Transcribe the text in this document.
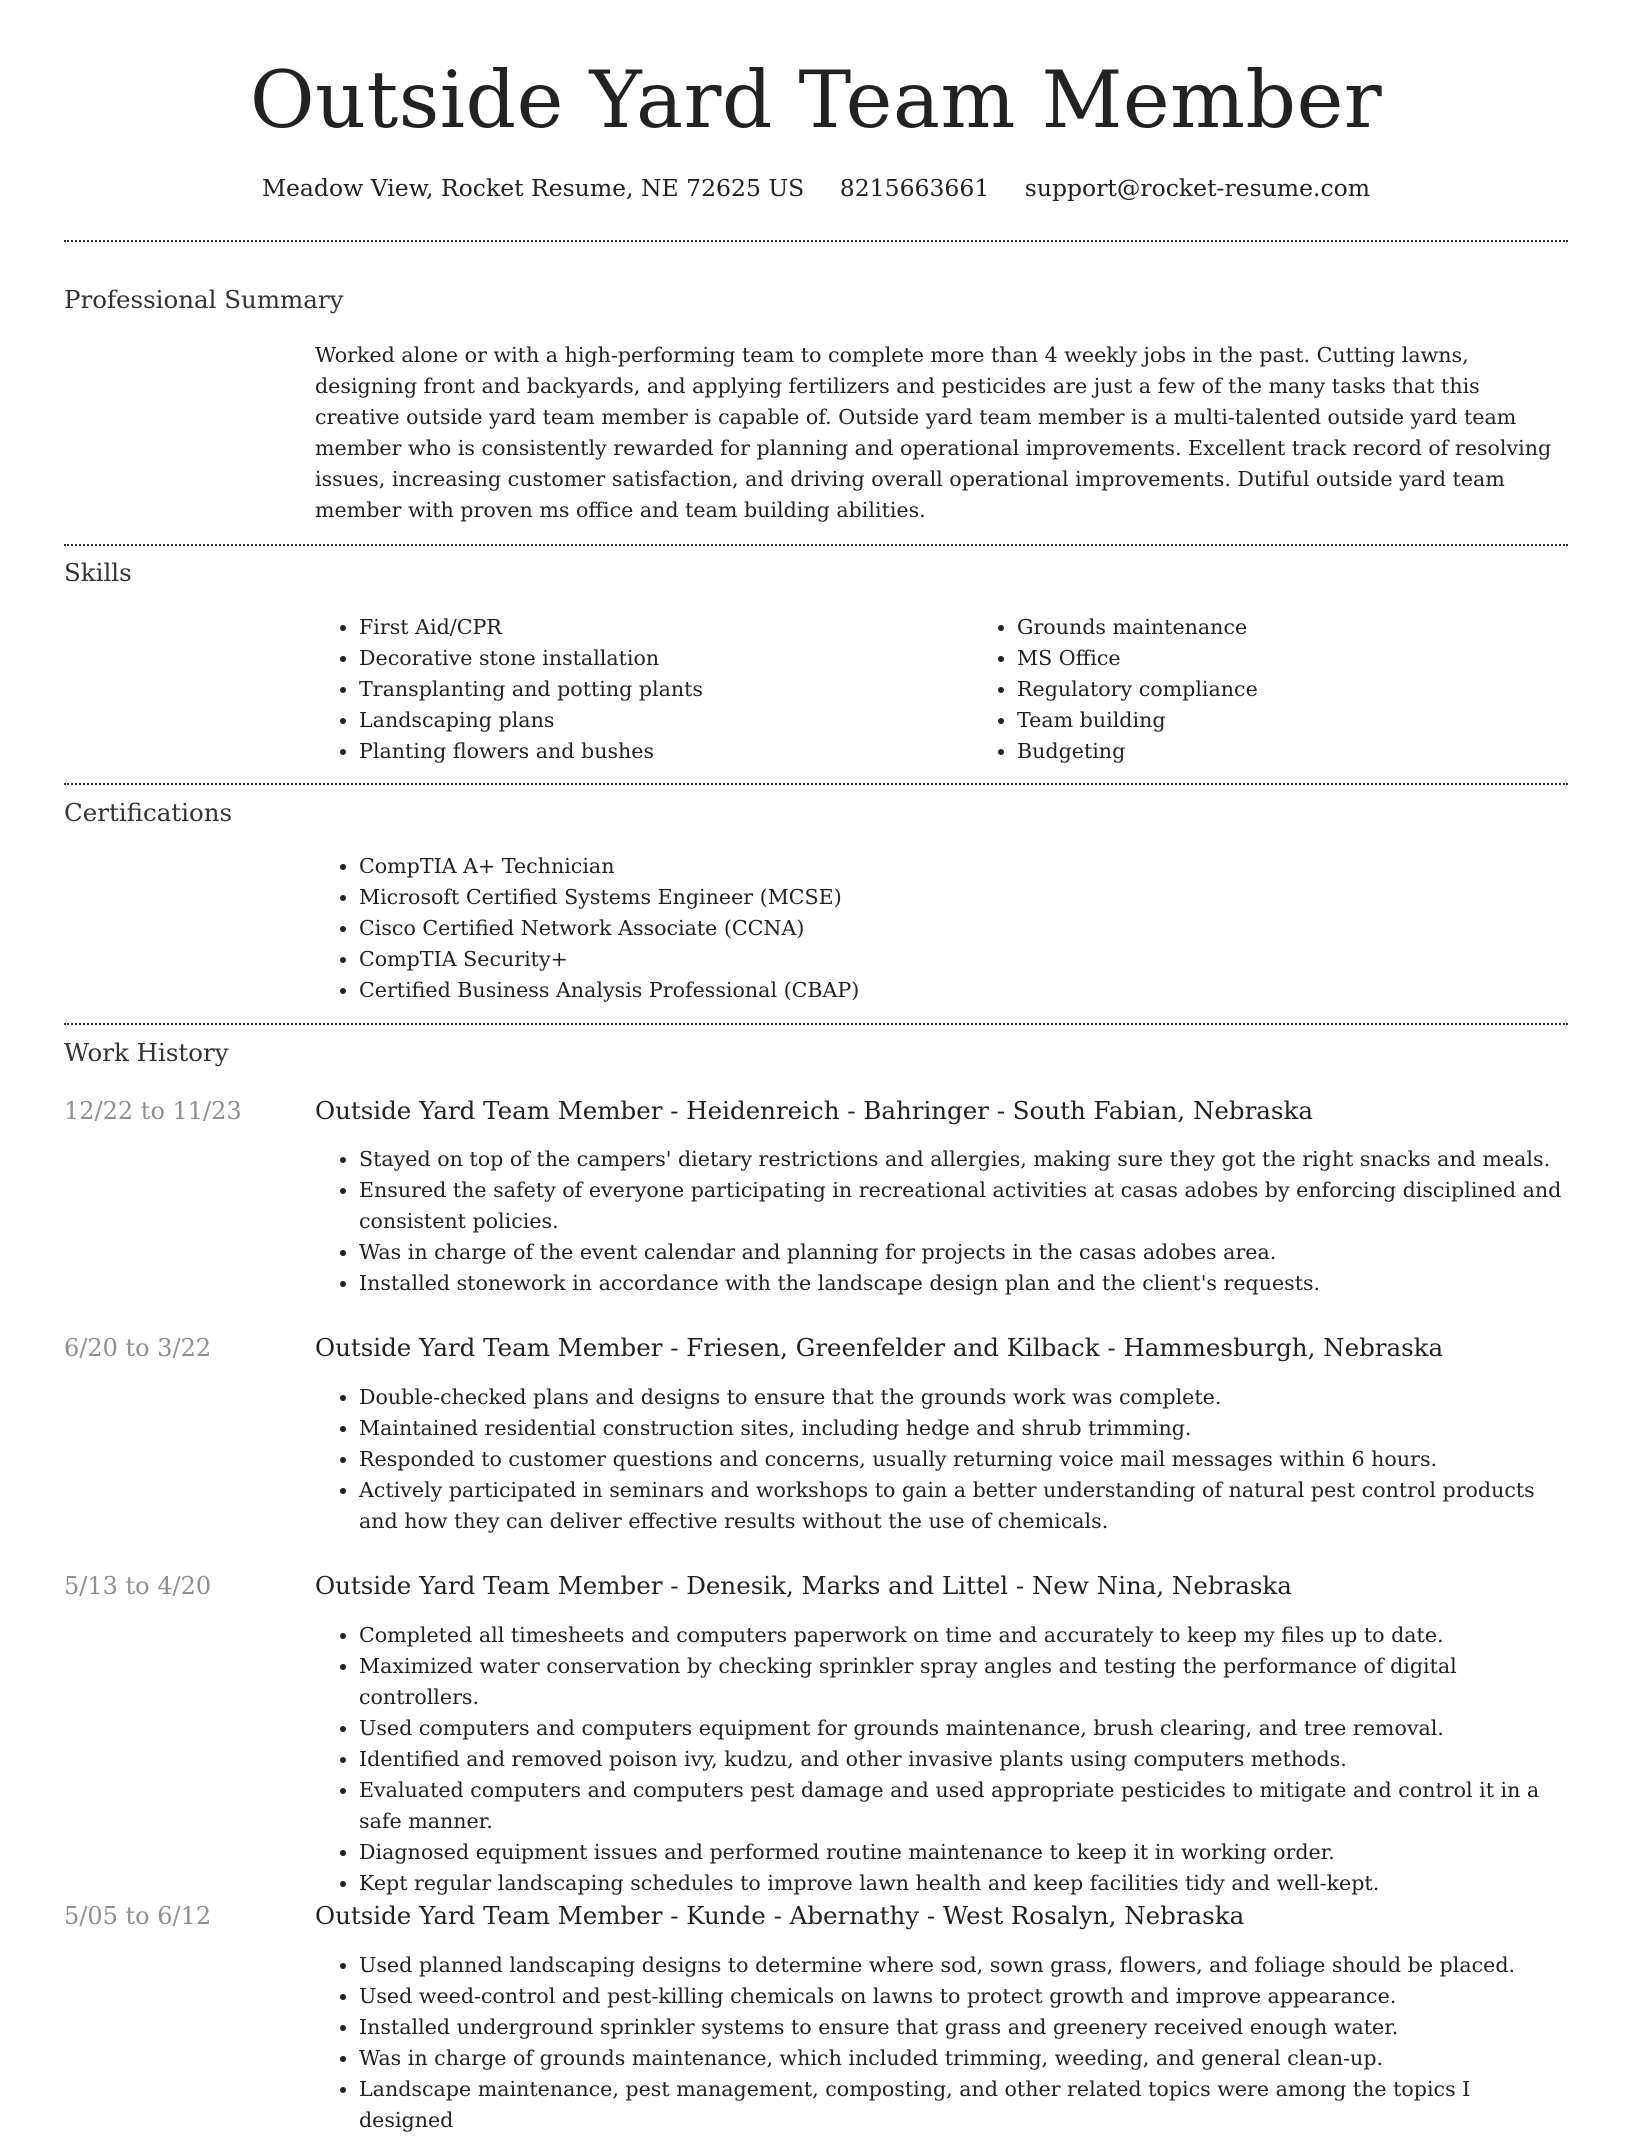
Outside Yard Team Member
Meadow View, Rocket Resume, NE 72625 US 8215663661 support@rocket-resume.com
Professional Summary

Worked alone or with a high-performing team to complete more than 4 weekly jobs in the past. Cutting lawns, designing front and backyards, and applying fertilizers and pesticides are just a few of the many tasks that this creative outside yard team member is capable of. Outside yard team member is a multi-talented outside yard team member who is consistently rewarded for planning and operational improvements. Excellent track record of resolving issues, increasing customer satisfaction, and driving overall operational improvements. Dutiful outside yard team member with proven ms office and team building abilities.

Skills
• First Aid/CPR
• Decorative stone installation
• Transplanting and potting plants
• Landscaping plans
• Planting flowers and bushes
• Grounds maintenance
• MS Office
• Regulatory compliance
• Team building
• Budgeting
Certifications
• CompTIA A+ Technician
• Microsoft Certified Systems Engineer (MCSE)
• Cisco Certified Network Associate (CCNA)
• CompTIA Security+
• Certified Business Analysis Professional (CBAP)
Work History
12/22 to 11/23	Outside Yard Team Member - Heidenreich - Bahringer - South Fabian, Nebraska
• Stayed on top of the campers' dietary restrictions and allergies, making sure they got the right snacks and meals.
• Ensured the safety of everyone participating in recreational activities at casas adobes by enforcing disciplined and consistent policies.
• Was in charge of the event calendar and planning for projects in the casas adobes area.
• Installed stonework in accordance with the landscape design plan and the client's requests.
6/20 to 3/22	Outside Yard Team Member - Friesen, Greenfelder and Kilback - Hammesburgh, Nebraska
• Double-checked plans and designs to ensure that the grounds work was complete.
• Maintained residential construction sites, including hedge and shrub trimming.
• Responded to customer questions and concerns, usually returning voice mail messages within 6 hours.
• Actively participated in seminars and workshops to gain a better understanding of natural pest control products and how they can deliver effective results without the use of chemicals.
5/13 to 4/20	Outside Yard Team Member - Denesik, Marks and Littel - New Nina, Nebraska
• Completed all timesheets and computers paperwork on time and accurately to keep my files up to date.
• Maximized water conservation by checking sprinkler spray angles and testing the performance of digital controllers.
• Used computers and computers equipment for grounds maintenance, brush clearing, and tree removal.
• Identified and removed poison ivy, kudzu, and other invasive plants using computers methods.
• Evaluated computers and computers pest damage and used appropriate pesticides to mitigate and control it in a safe manner.
• Diagnosed equipment issues and performed routine maintenance to keep it in working order.
• Kept regular landscaping schedules to improve lawn health and keep facilities tidy and well-kept.
5/05 to 6/12	Outside Yard Team Member - Kunde - Abernathy - West Rosalyn, Nebraska
• Used planned landscaping designs to determine where sod, sown grass, flowers, and foliage should be placed.
• Used weed-control and pest-killing chemicals on lawns to protect growth and improve appearance.
• Installed underground sprinkler systems to ensure that grass and greenery received enough water.
• Was in charge of grounds maintenance, which included trimming, weeding, and general clean-up.
• Landscape maintenance, pest management, composting, and other related topics were among the topics I designed
